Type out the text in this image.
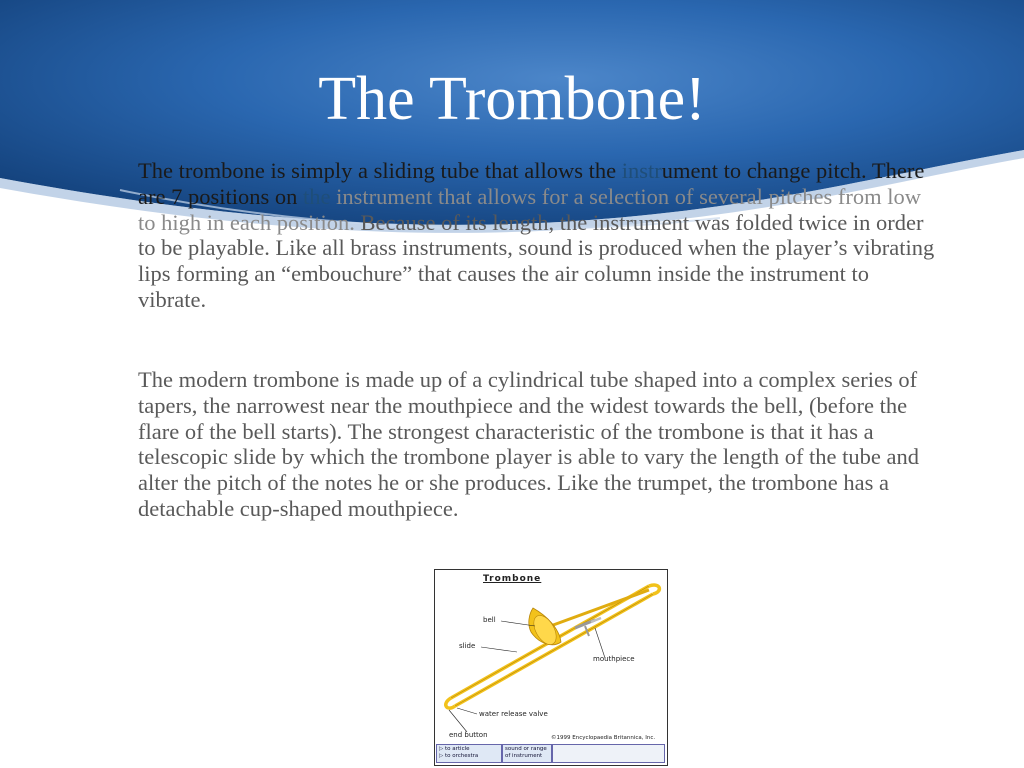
The Trombone!
The trombone is simply a sliding tube that allows the instrument to change pitch. There are 7 positions on the instrument that allows for a selection of several pitches from low to high in each position. Because of its length, the instrument was folded twice in order to be playable. Like all brass instruments, sound is produced when the player’s vibrating lips forming an “embouchure” that causes the air column inside the instrument to vibrate.
The modern trombone is made up of a cylindrical tube shaped into a complex series of tapers, the narrowest near the mouthpiece and the widest towards the bell, (before the flare of the bell starts). The strongest characteristic of the trombone is that it has a telescopic slide by which the trombone player is able to vary the length of the tube and alter the pitch of the notes he or she produces. Like the trumpet, the trombone has a detachable cup-shaped mouthpiece.
Trombone
bell
slide
mouthpiece
water release valve
end button	©1999 Encyclopaedia Britannica, Inc.
▷ to article
▷ to orchestra
sound or range
of instrument
